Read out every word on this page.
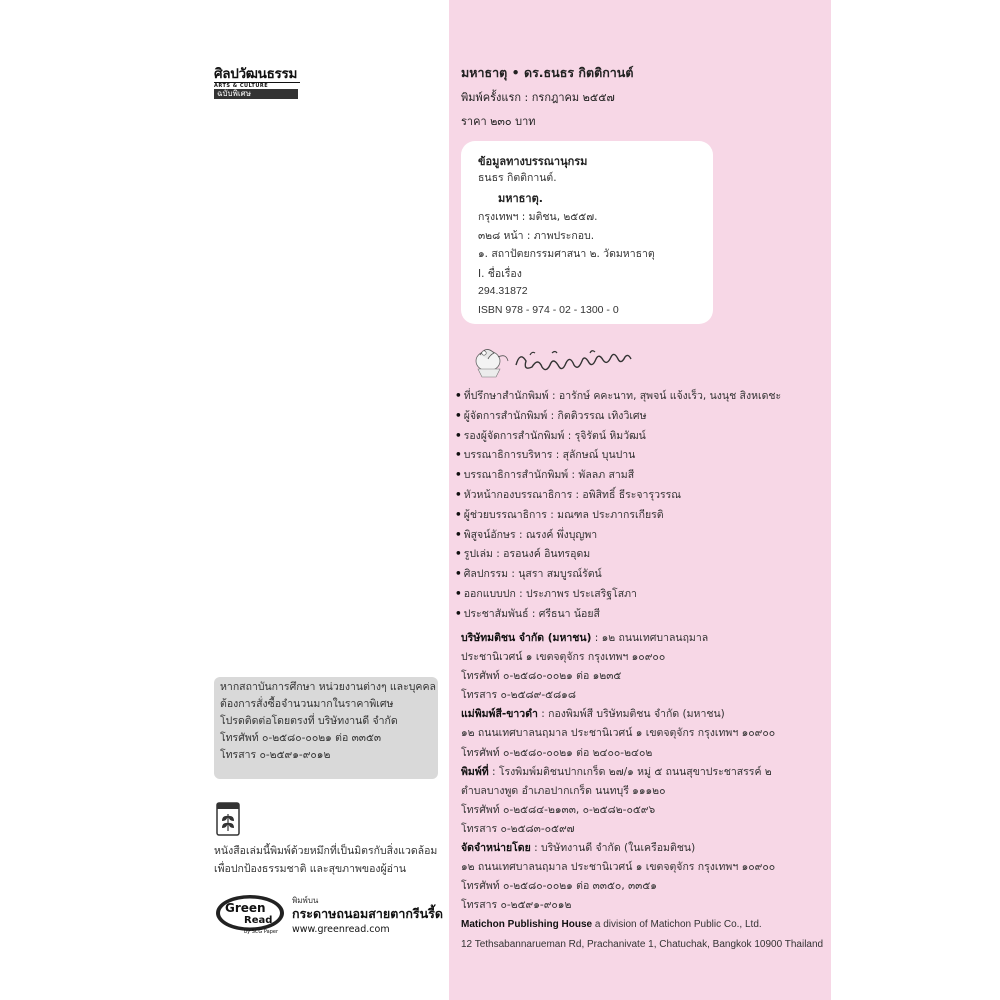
ศิลปวัฒนธรรม
ARTS & CULTURE
ฉบับพิเศษ
มหาธาตุ • ดร.ธนธร กิตติกานต์
พิมพ์ครั้งแรก : กรกฎาคม ๒๕๕๗
ราคา ๒๓๐ บาท
ข้อมูลทางบรรณานุกรม
ธนธร กิตติกานต์.
มหาธาตุ.
กรุงเทพฯ : มติชน, ๒๕๕๗.
๓๒๘ หน้า : ภาพประกอบ.
๑. สถาปัตยกรรมศาสนา ๒. วัดมหาธาตุ
I. ชื่อเรื่อง
294.31872
ISBN 978 - 974 - 02 - 1300 - 0
• ที่ปรึกษาสำนักพิมพ์ : อารักษ์ คคะนาท, สุพจน์ แจ้งเร็ว, นงนุช สิงหเดชะ
• ผู้จัดการสำนักพิมพ์ : กิตติวรรณ เทิงวิเศษ
• รองผู้จัดการสำนักพิมพ์ : รุจิรัตน์ หิมวัฒน์
• บรรณาธิการบริหาร : สุลักษณ์ บุนปาน
• บรรณาธิการสำนักพิมพ์ : พัลลภ สามสี
• หัวหน้ากองบรรณาธิการ : อพิสิทธิ์ ธีระจารุวรรณ
• ผู้ช่วยบรรณาธิการ : มณฑล ประภากรเกียรติ
• พิสูจน์อักษร : ณรงค์ พึ่งบุญพา
• รูปเล่ม : อรอนงค์ อินทรอุดม
• ศิลปกรรม : นุสรา สมบูรณ์รัตน์
• ออกแบบปก : ประภาพร ประเสริฐโสภา
• ประชาสัมพันธ์ : ศรีธนา น้อยสี
บริษัทมติชน จำกัด (มหาชน) : ๑๒ ถนนเทศบาลนฤมาล
ประชานิเวศน์ ๑ เขตจตุจักร กรุงเทพฯ ๑๐๙๐๐
โทรศัพท์ ๐-๒๕๘๐-๐๐๒๑ ต่อ ๑๒๓๕
โทรสาร ๐-๒๕๘๙-๕๘๑๘
แม่พิมพ์สี-ขาวดำ : กองพิมพ์สี บริษัทมติชน จำกัด (มหาชน)
๑๒ ถนนเทศบาลนฤมาล ประชานิเวศน์ ๑ เขตจตุจักร กรุงเทพฯ ๑๐๙๐๐
โทรศัพท์ ๐-๒๕๘๐-๐๐๒๑ ต่อ ๒๔๐๐-๒๔๐๒
พิมพ์ที่ : โรงพิมพ์มติชนปากเกร็ด ๒๗/๑ หมู่ ๕ ถนนสุขาประชาสรรค์ ๒
ตำบลบางพูด อำเภอปากเกร็ด นนทบุรี ๑๑๑๒๐
โทรศัพท์ ๐-๒๕๘๔-๒๑๓๓, ๐-๒๕๘๒-๐๕๙๖
โทรสาร ๐-๒๕๘๓-๐๕๙๗
จัดจำหน่ายโดย : บริษัทงานดี จำกัด (ในเครือมติชน)
๑๒ ถนนเทศบาลนฤมาล ประชานิเวศน์ ๑ เขตจตุจักร กรุงเทพฯ ๑๐๙๐๐
โทรศัพท์ ๐-๒๕๘๐-๐๐๒๑ ต่อ ๓๓๕๐, ๓๓๕๑
โทรสาร ๐-๒๕๙๑-๙๐๑๒
Matichon Publishing House a division of Matichon Public Co., Ltd.
12 Tethsabannarueman Rd, Prachanivate 1, Chatuchak, Bangkok 10900 Thailand
หากสถาบันการศึกษา หน่วยงานต่างๆ และบุคคล
ต้องการสั่งซื้อจำนวนมากในราคาพิเศษ
โปรดติดต่อโดยตรงที่ บริษัทงานดี จำกัด
โทรศัพท์ ๐-๒๕๘๐-๐๐๒๑ ต่อ ๓๓๕๓
โทรสาร ๐-๒๕๙๑-๙๐๑๒
หนังสือเล่มนี้พิมพ์ด้วยหมึกที่เป็นมิตรกับสิ่งแวดล้อม
เพื่อปกป้องธรรมชาติ และสุขภาพของผู้อ่าน
Green
Read
by SCG Paper
พิมพ์บน
กระดาษถนอมสายตากรีนรี้ด
www.greenread.com
